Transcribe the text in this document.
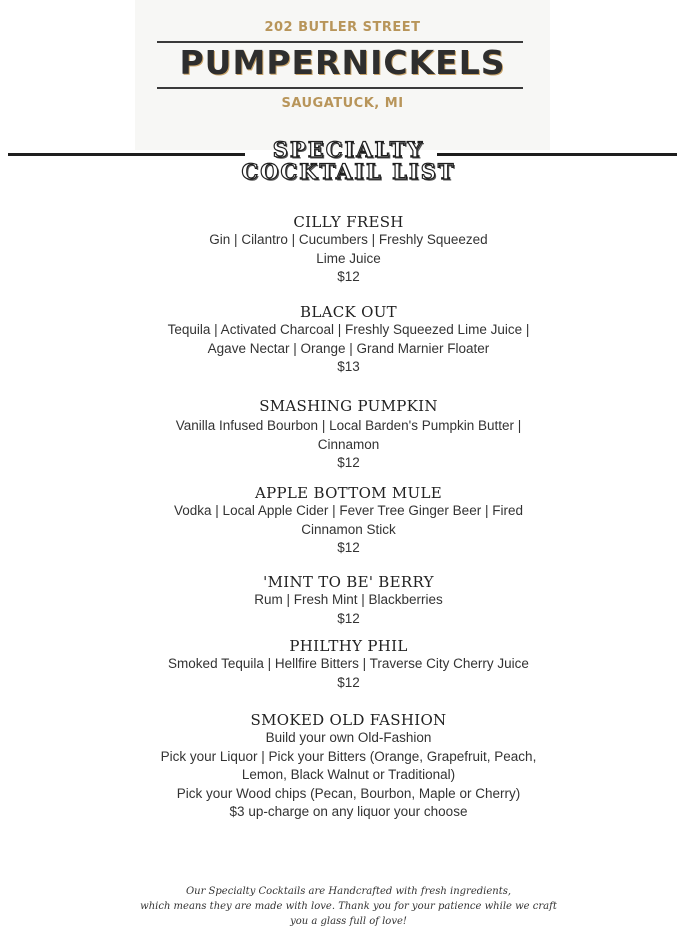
202 BUTLER STREET
PUMPERNICKELS
SAUGATUCK, MI
SPECIALTY
COCKTAIL LIST
CILLY FRESH
Gin | Cilantro | Cucumbers | Freshly Squeezed
Lime Juice
$12
BLACK OUT
Tequila | Activated Charcoal | Freshly Squeezed Lime Juice |
Agave Nectar | Orange | Grand Marnier Floater
$13
SMASHING PUMPKIN
Vanilla Infused Bourbon | Local Barden's Pumpkin Butter |
Cinnamon
$12
APPLE BOTTOM MULE
Vodka | Local Apple Cider | Fever Tree Ginger Beer | Fired
Cinnamon Stick
$12
'MINT TO BE' BERRY
Rum | Fresh Mint | Blackberries
$12
PHILTHY PHIL
Smoked Tequila | Hellfire Bitters | Traverse City Cherry Juice
$12
SMOKED OLD FASHION
Build your own Old-Fashion
Pick your Liquor | Pick your Bitters (Orange, Grapefruit, Peach,
Lemon, Black Walnut or Traditional)
Pick your Wood chips (Pecan, Bourbon, Maple or Cherry)
$3 up-charge on any liquor your choose
Our Specialty Cocktails are Handcrafted with fresh ingredients,
which means they are made with love. Thank you for your patience while we craft
you a glass full of love!
